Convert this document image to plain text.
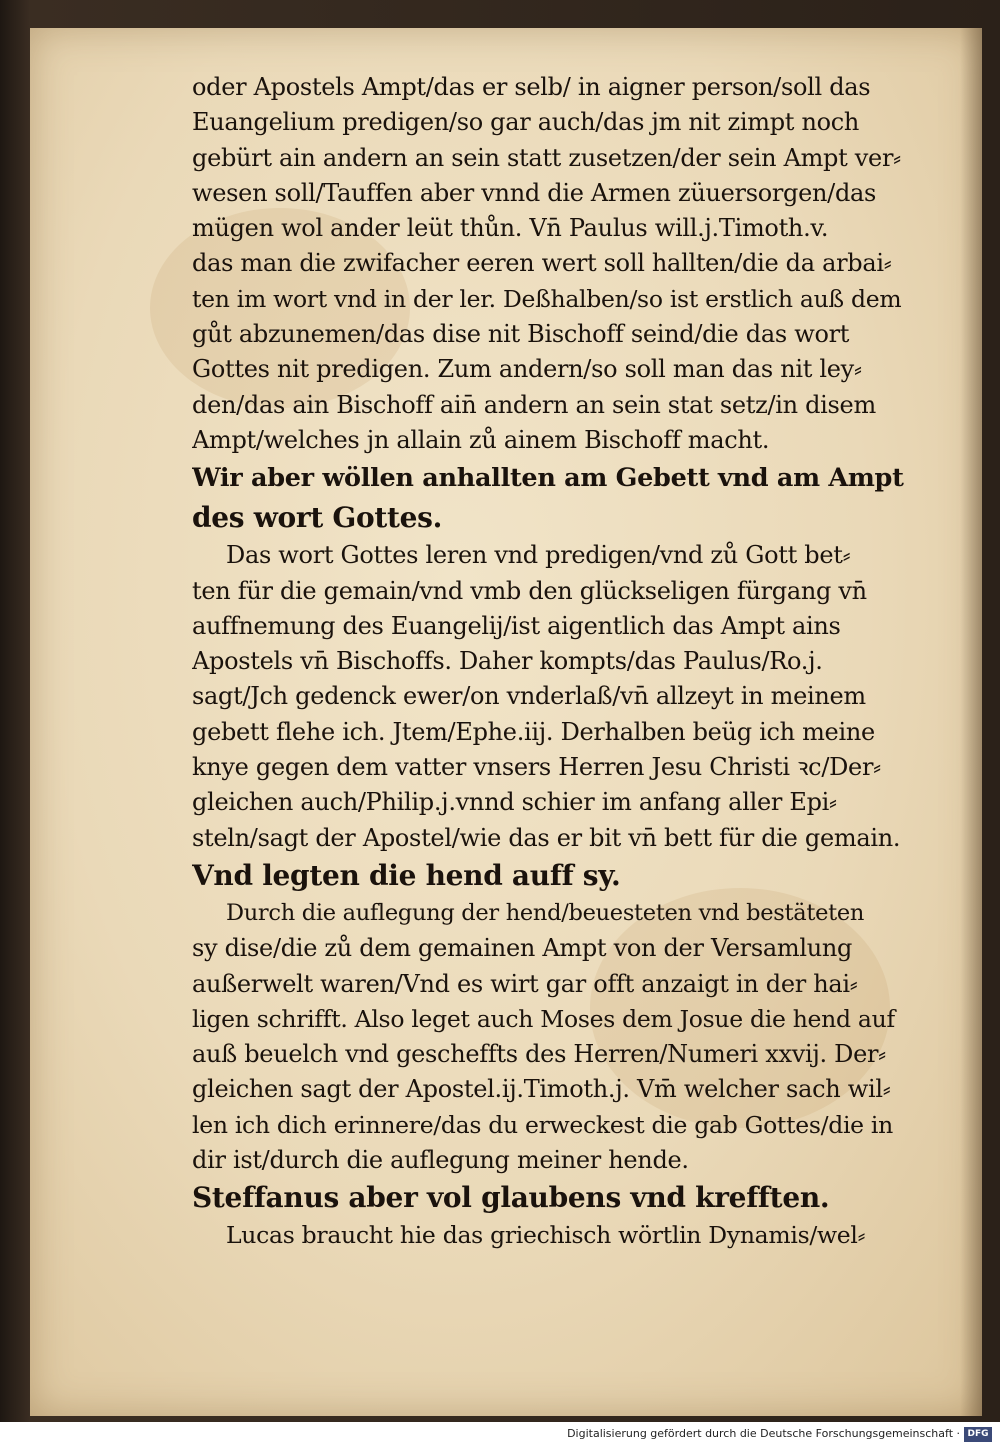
oder Apostels Ampt/das er selb/ in aigner person/soll das
Euangelium predigen/so gar auch/das jm nit zimpt noch
gebürt ain andern an sein statt zusetzen/der sein Ampt ver⸗
wesen soll/Tauffen aber vnnd die Armen züuersorgen/das
mügen wol ander leüt thůn. Vn̄ Paulus will.j.Timoth.v.
das man die zwifacher eeren wert soll hallten/die da arbai⸗
ten im wort vnd in der ler. Deßhalben/so ist erstlich auß dem
gůt abzunemen/das dise nit Bischoff seind/die das wort
Gottes nit predigen. Zum andern/so soll man das nit ley⸗
den/das ain Bischoff ain̄ andern an sein stat setz/in disem
Ampt/welches jn allain zů ainem Bischoff macht.
Wir aber wöllen anhallten am Gebett vnd am Ampt
des wort Gottes.
Das wort Gottes leren vnd predigen/vnd zů Gott bet⸗
ten für die gemain/vnd vmb den glückseligen fürgang vn̄
auffnemung des Euangelij/ist aigentlich das Ampt ains
Apostels vn̄ Bischoffs. Daher kompts/das Paulus/Ro.j.
sagt/Jch gedenck ewer/on vnderlaß/vn̄ allzeyt in meinem
gebett flehe ich. Jtem/Ephe.iij. Derhalben beüg ich meine
knye gegen dem vatter vnsers Herren Jesu Christi ꝛc/Der⸗
gleichen auch/Philip.j.vnnd schier im anfang aller Epi⸗
steln/sagt der Apostel/wie das er bit vn̄ bett für die gemain.
Vnd legten die hend auff sy.
Durch die auflegung der hend/beuesteten vnd bestäteten
sy dise/die zů dem gemainen Ampt von der Versamlung
außerwelt waren/Vnd es wirt gar offt anzaigt in der hai⸗
ligen schrifft. Also leget auch Moses dem Josue die hend auf
auß beuelch vnd gescheffts des Herren/Numeri xxvij. Der⸗
gleichen sagt der Apostel.ij.Timoth.j. Vm̄ welcher sach wil⸗
len ich dich erinnere/das du erweckest die gab Gottes/die in
dir ist/durch die auflegung meiner hende.
Steffanus aber vol glaubens vnd krefften.
Lucas braucht hie das griechisch wörtlin Dynamis/wel⸗
Digitalisierung gefördert durch die Deutsche Forschungsgemeinschaft · DFG
